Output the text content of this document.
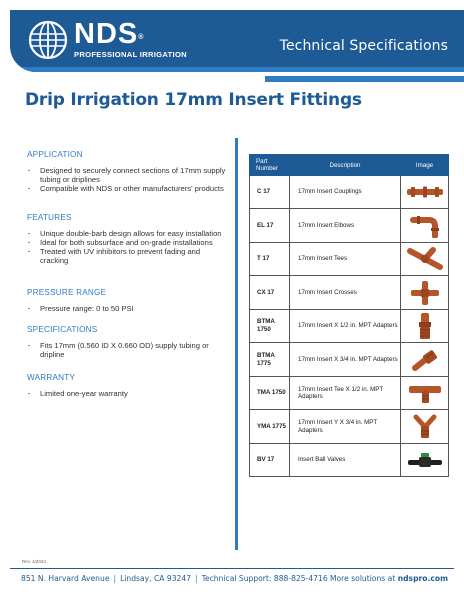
NDS®
PROFESSIONAL IRRIGATION
Technical Specifications
Drip Irrigation 17mm Insert Fittings
APPLICATION
· Designed to securely connect sections of 17mm supply tubing or driplines
· Compatible with NDS or other manufacturers' products
FEATURES
· Unique double-barb design allows for easy installation
· Ideal for both subsurface and on-grade installations
· Treated with UV inhibitors to prevent fading and cracking
PRESSURE RANGE
· Pressure range: 0 to 50 PSI
SPECIFICATIONS
· Fits 17mm (0.560 ID X 0.660 OD) supply tubing or dripline
WARRANTY
· Limited one-year warranty
Part Number	Description	Image
C 17	17mm Insert Couplings	

EL 17	17mm Insert Elbows	

T 17	17mm Insert Tees	

CX 17	17mm Insert Crosses	

BTMA 1750	17mm Insert X 1/2 in. MPT Adapters	

BTMA 1775	17mm Insert X 3/4 in. MPT Adapters	

TMA 1750	17mm Insert Tee X 1/2 in. MPT Adapters	

YMA 1775	17mm Insert Y X 3/4 in. MPT Adapters	

BV 17	Insert Ball Valves	
Rev. 4/2024
851 N. Harvard Avenue | Lindsay, CA 93247 | Technical Support: 888-825-4716 More solutions at ndspro.com
